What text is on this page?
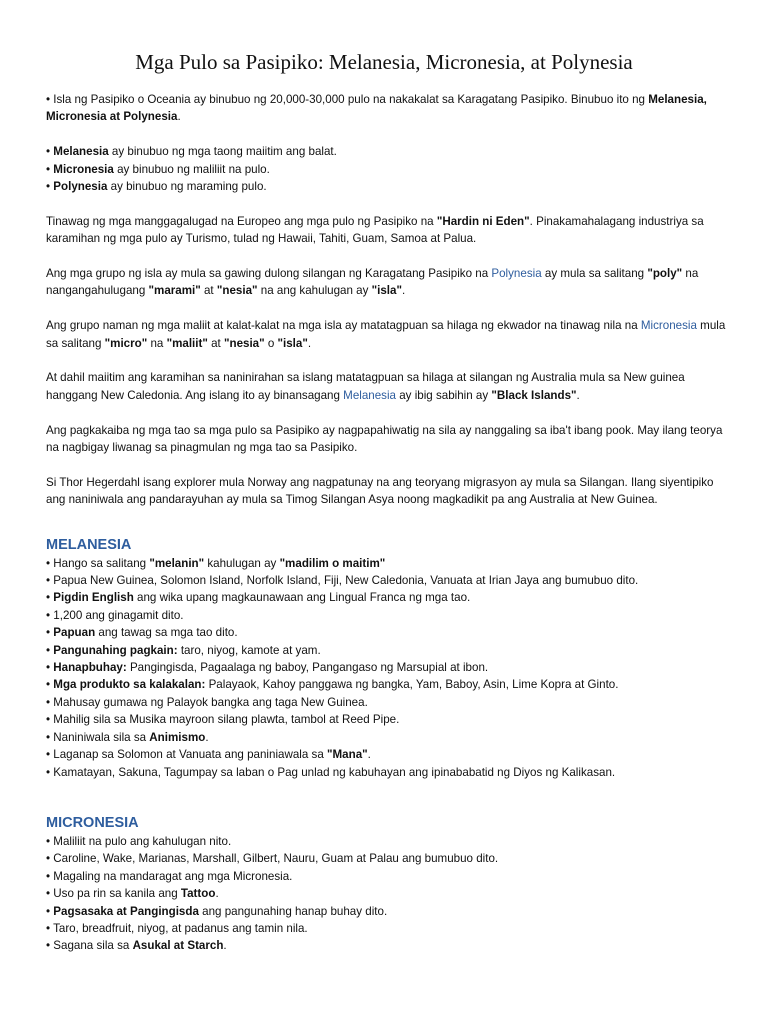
Mga Pulo sa Pasipiko: Melanesia, Micronesia, at Polynesia

• Isla ng Pasipiko o Oceania ay binubuo ng 20,000-30,000 pulo na nakakalat sa Karagatang Pasipiko. Binubuo ito ng Melanesia, Micronesia at Polynesia.

• Melanesia ay binubuo ng mga taong maiitim ang balat.

• Micronesia ay binubuo ng maliliit na pulo.

• Polynesia ay binubuo ng maraming pulo.

Tinawag ng mga manggagalugad na Europeo ang mga pulo ng Pasipiko na "Hardin ni Eden". Pinakamahalagang industriya sa karamihan ng mga pulo ay Turismo, tulad ng Hawaii, Tahiti, Guam, Samoa at Palua.

Ang mga grupo ng isla ay mula sa gawing dulong silangan ng Karagatang Pasipiko na Polynesia ay mula sa salitang "poly" na nangangahulugang "marami" at "nesia" na ang kahulugan ay "isla".

Ang grupo naman ng mga maliit at kalat-kalat na mga isla ay matatagpuan sa hilaga ng ekwador na tinawag nila na Micronesia mula sa salitang "micro" na "maliit" at "nesia" o "isla".

At dahil maiitim ang karamihan sa naninirahan sa islang matatagpuan sa hilaga at silangan ng Australia mula sa New guinea hanggang New Caledonia. Ang islang ito ay binansagang Melanesia ay ibig sabihin ay "Black Islands".

Ang pagkakaiba ng mga tao sa mga pulo sa Pasipiko ay nagpapahiwatig na sila ay nanggaling sa iba't ibang pook. May ilang teorya na nagbigay liwanag sa pinagmulan ng mga tao sa Pasipiko.

Si Thor Hegerdahl isang explorer mula Norway ang nagpatunay na ang teoryang migrasyon ay mula sa Silangan. Ilang siyentipiko ang naniniwala ang pandarayuhan ay mula sa Timog Silangan Asya noong magkadikit pa ang Australia at New Guinea.

MELANESIA
• Hango sa salitang "melanin" kahulugan ay "madilim o maitim"
• Papua New Guinea, Solomon Island, Norfolk Island, Fiji, New Caledonia, Vanuata at Irian Jaya ang bumubuo dito.
• Pigdin English ang wika upang magkaunawaan ang Lingual Franca ng mga tao.
• 1,200 ang ginagamit dito.
• Papuan ang tawag sa mga tao dito.
• Pangunahing pagkain: taro, niyog, kamote at yam.
• Hanapbuhay: Pangingisda, Pagaalaga ng baboy, Pangangaso ng Marsupial at ibon.
• Mga produkto sa kalakalan: Palayaok, Kahoy panggawa ng bangka, Yam, Baboy, Asin, Lime Kopra at Ginto.
• Mahusay gumawa ng Palayok bangka ang taga New Guinea.
• Mahilig sila sa Musika mayroon silang plawta, tambol at Reed Pipe.
• Naniniwala sila sa Animismo.
• Laganap sa Solomon at Vanuata ang paniniawala sa "Mana".
• Kamatayan, Sakuna, Tagumpay sa laban o Pag unlad ng kabuhayan ang ipinababatid ng Diyos ng Kalikasan.
MICRONESIA
• Maliliit na pulo ang kahulugan nito.
• Caroline, Wake, Marianas, Marshall, Gilbert, Nauru, Guam at Palau ang bumubuo dito.
• Magaling na mandaragat ang mga Micronesia.
• Uso pa rin sa kanila ang Tattoo.
• Pagsasaka at Pangingisda ang pangunahing hanap buhay dito.
• Taro, breadfruit, niyog, at padanus ang tamin nila.
• Sagana sila sa Asukal at Starch.
